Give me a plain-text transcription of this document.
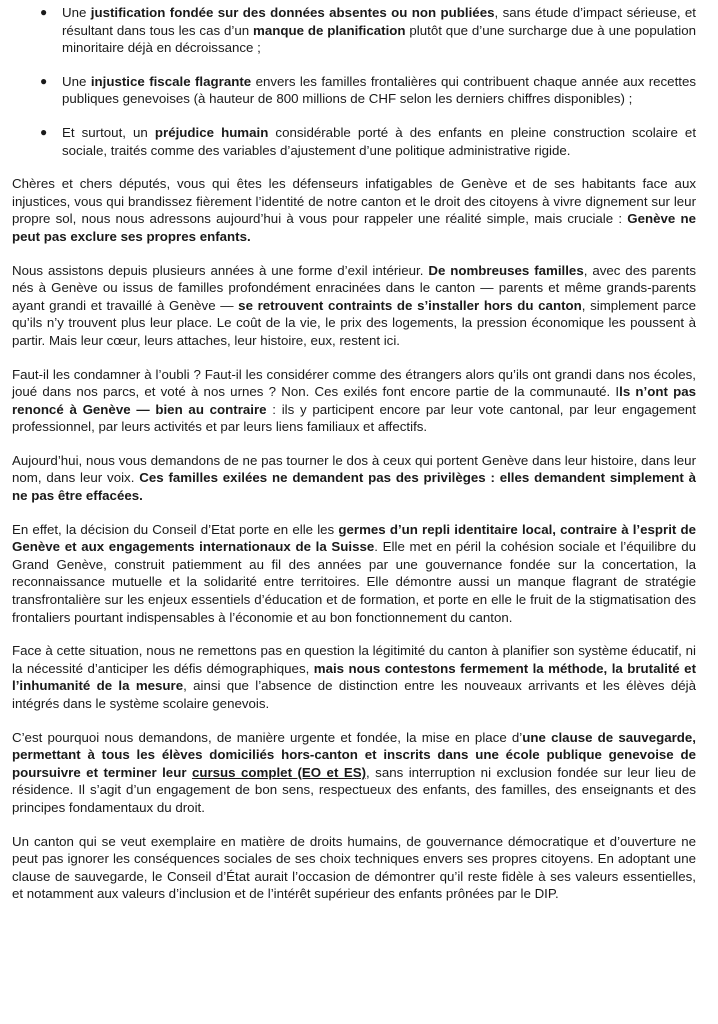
● Une justification fondée sur des données absentes ou non publiées, sans étude d’impact sérieuse, et résultant dans tous les cas d’un manque de planification plutôt que d’une surcharge due à une population minoritaire déjà en décroissance ;
● Une injustice fiscale flagrante envers les familles frontalières qui contribuent chaque année aux recettes publiques genevoises (à hauteur de 800 millions de CHF selon les derniers chiffres disponibles) ;
● Et surtout, un préjudice humain considérable porté à des enfants en pleine construction scolaire et sociale, traités comme des variables d’ajustement d’une politique administrative rigide.

Chères et chers députés, vous qui êtes les défenseurs infatigables de Genève et de ses habitants face aux injustices, vous qui brandissez fièrement l’identité de notre canton et le droit des citoyens à vivre dignement sur leur propre sol, nous nous adressons aujourd’hui à vous pour rappeler une réalité simple, mais cruciale : Genève ne peut pas exclure ses propres enfants.

Nous assistons depuis plusieurs années à une forme d’exil intérieur. De nombreuses familles, avec des parents nés à Genève ou issus de familles profondément enracinées dans le canton — parents et même grands-parents ayant grandi et travaillé à Genève — se retrouvent contraints de s’installer hors du canton, simplement parce qu’ils n’y trouvent plus leur place. Le coût de la vie, le prix des logements, la pression économique les poussent à partir. Mais leur cœur, leurs attaches, leur histoire, eux, restent ici.

Faut-il les condamner à l’oubli ? Faut-il les considérer comme des étrangers alors qu’ils ont grandi dans nos écoles, joué dans nos parcs, et voté à nos urnes ? Non. Ces exilés font encore partie de la communauté. Ils n’ont pas renoncé à Genève — bien au contraire : ils y participent encore par leur vote cantonal, par leur engagement professionnel, par leurs activités et par leurs liens familiaux et affectifs.

Aujourd’hui, nous vous demandons de ne pas tourner le dos à ceux qui portent Genève dans leur histoire, dans leur nom, dans leur voix. Ces familles exilées ne demandent pas des privilèges : elles demandent simplement à ne pas être effacées.

En effet, la décision du Conseil d’Etat porte en elle les germes d’un repli identitaire local, contraire à l’esprit de Genève et aux engagements internationaux de la Suisse. Elle met en péril la cohésion sociale et l’équilibre du Grand Genève, construit patiemment au fil des années par une gouvernance fondée sur la concertation, la reconnaissance mutuelle et la solidarité entre territoires. Elle démontre aussi un manque flagrant de stratégie transfrontalière sur les enjeux essentiels d’éducation et de formation, et porte en elle le fruit de la stigmatisation des frontaliers pourtant indispensables à l’économie et au bon fonctionnement du canton.

Face à cette situation, nous ne remettons pas en question la légitimité du canton à planifier son système éducatif, ni la nécessité d’anticiper les défis démographiques, mais nous contestons fermement la méthode, la brutalité et l’inhumanité de la mesure, ainsi que l’absence de distinction entre les nouveaux arrivants et les élèves déjà intégrés dans le système scolaire genevois.

C’est pourquoi nous demandons, de manière urgente et fondée, la mise en place d’une clause de sauvegarde, permettant à tous les élèves domiciliés hors-canton et inscrits dans une école publique genevoise de poursuivre et terminer leur cursus complet (EO et ES), sans interruption ni exclusion fondée sur leur lieu de résidence. Il s’agit d’un engagement de bon sens, respectueux des enfants, des familles, des enseignants et des principes fondamentaux du droit.

Un canton qui se veut exemplaire en matière de droits humains, de gouvernance démocratique et d’ouverture ne peut pas ignorer les conséquences sociales de ses choix techniques envers ses propres citoyens. En adoptant une clause de sauvegarde, le Conseil d’État aurait l’occasion de démontrer qu’il reste fidèle à ses valeurs essentielles, et notamment aux valeurs d’inclusion et de l’intérêt supérieur des enfants prônées par le DIP.
